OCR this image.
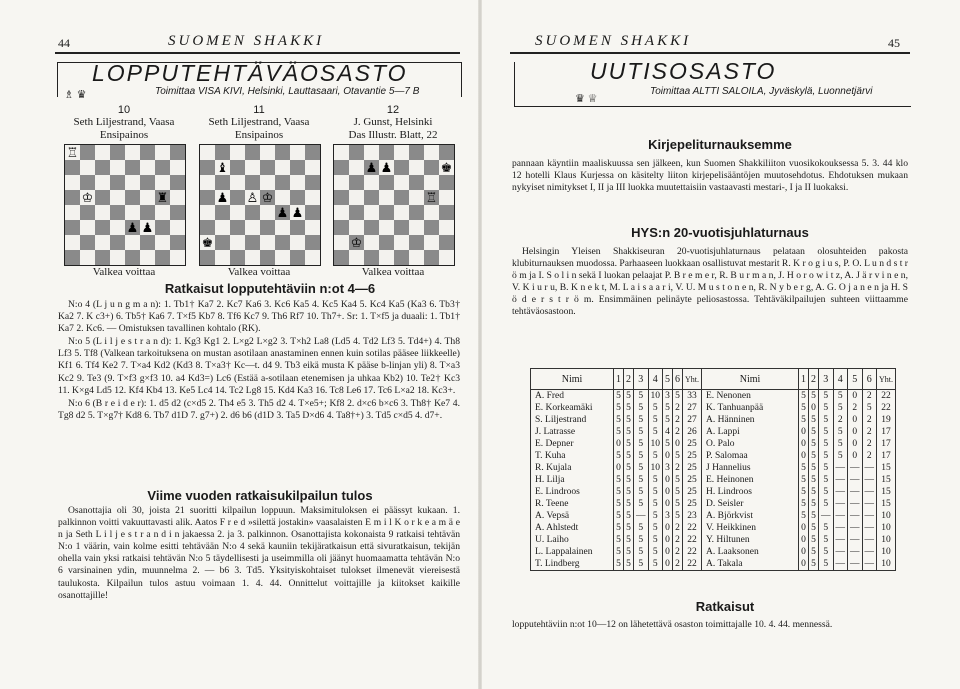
44	SUOMEN SHAKKI
LOPPUTEHTÄVÄOSASTO
Toimittaa VISA KIVI, Helsinki, Lauttasaari, Otavantie 5—7 B
♗ ♛
10
Seth Liljestrand, Vaasa
Ensipainos
11
Seth Liljestrand, Vaasa
Ensipainos
12
J. Gunst, Helsinki
Das Illustr. Blatt, 22
♖
♔	♜
♟ ♟
♝
♟ ♙ ♔
♟ ♟
♚
♟ ♟	♚
♖
♔
Valkea voittaa	Valkea voittaa	Valkea voittaa
Ratkaisut lopputehtäviin n:ot 4—6
N:o 4 (L j u n g m a n): 1. Tb1† Ka7 2. Kc7 Ka6 3. Kc6 Ka5 4. Kc5 Ka4 5. Kc4 Ka5 (Ka3 6. Tb3† Ka2 7. K c3+) 6. Tb5† Ka6 7. T×f5 Kb7 8. Tf6 Kc7 9. Th6 Rf7 10. Th7+. Sr: 1. T×f5 ja duaali: 1. Tb1† Ka7 2. Kc6. — Omistuksen tavallinen kohtalo (RK).
N:o 5 (L i l j e s t r a n d): 1. Kg3 Kg1 2. L×g2 L×g2 3. T×h2 La8 (Ld5 4. Td2 Lf3 5. Td4+) 4. Th8 Lf3 5. Tf8 (Valkean tarkoituksena on mustan asotilaan anastaminen ennen kuin sotilas pääsee liikkeelle) Kf1 6. Tf4 Ke2 7. T×a4 Kd2 (Kd3 8. T×a3† Kc—t. d4 9. Tb3 eikä musta K pääse b-linjan yli) 8. T×a3 Kc2 9. Te3 (9. T×f3 g×f3 10. a4 Kd3=) Lc6 (Estää a-sotilaan etenemisen ja uhkaa Kb2) 10. Te2† Kc3 11. K×g4 Ld5 12. Kf4 Kb4 13. Ke5 Lc4 14. Tc2 Lg8 15. Kd4 Ka3 16. Tc8 Le6 17. Tc6 L×a2 18. Kc3+.
N:o 6 (B r e i d e r): 1. d5 d2 (c×d5 2. Th4 e5 3. Th5 d2 4. T×e5+; Kf8 2. d×c6 b×c6 3. Th8† Ke7 4. Tg8 d2 5. T×g7† Kd8 6. Tb7 d1D 7. g7+) 2. d6 b6 (d1D 3. Ta5 D×d6 4. Ta8†+) 3. Td5 c×d5 4. d7+.
Viime vuoden ratkaisukilpailun tulos
Osanottajia oli 30, joista 21 suoritti kilpailun loppuun. Maksimituloksen ei päässyt kukaan. 1. palkinnon voitti vakuuttavasti alik. Aatos F r e d »silettä jostakin» vaasalaisten E m i l K o r k e a m ä e n ja Seth L i l j e s t r a n d i n jakaessa 2. ja 3. palkinnon. Osanottajista kokonaista 9 ratkaisi tehtävän N:o 1 väärin, vain kolme esitti tehtävään N:o 4 sekä kauniin tekijäratkaisun että sivuratkaisun, tekijän ohella vain yksi ratkaisi tehtävän N:o 5 täydellisesti ja useimmilla oli jäänyt huomaamatta tehtävän N:o 6 varsinainen ydin, muunnelma 2. — b6 3. Td5. Yksityiskohtaiset tulokset ilmenevät viereisestä taulukosta. Kilpailun tulos astuu voimaan 1. 4. 44. Onnittelut voittajille ja kiitokset kaikille osanottajille!
SUOMEN SHAKKI	45
UUTISOSASTO
Toimittaa ALTTI SALOILA, Jyväskylä, Luonnetjärvi
♛ ♕
Kirjepeliturnauksemme
pannaan käyntiin maaliskuussa sen jälkeen, kun Suomen Shakkiliiton vuosikokouksessa 5. 3. 44 klo 12 hotelli Klaus Kurjessa on käsitelty liiton kirjepelisääntöjen muutosehdotus. Ehdotuksen mukaan nykyiset nimitykset I, II ja III luokka muutettaisiin vastaavasti mestari-, I ja II luokaksi.
HYS:n 20-vuotisjuhlaturnaus
Helsingin Yleisen Shakkiseuran 20-vuotisjuhlaturnaus pelataan olosuhteiden pakosta klubiturnauksen muodossa. Parhaaseen luokkaan osallistuvat mestarit R. K r o g i u s, P. O. L u n d s t r ö m ja I. S o l i n sekä I luokan pelaajat P. B r e m e r, R. B u r m a n, J. H o r o w i t z, A. J ä r v i n e n, V. K i u r u, B. K n e k t, M. L a i s a a r i, V. U. M u s t o n e n, R. N y b e r g, A. G. O j a n e n ja H. S ö d e r s t r ö m. Ensimmäinen pelinäyte peliosastossa. Tehtäväkilpailujen suhteen viittaamme tehtäväosastoon.
Nimi	1	2	3	4	5	6	Yht.	Nimi	1	2	3	4	5	6	Yht.
A. Fred	5	5	5	10	3	5	33	E. Nenonen	5	5	5	5	0	2	22
E. Korkeamäki	5	5	5	5	5	2	27	K. Tanhuanpää	5	0	5	5	2	5	22
S. Liljestrand	5	5	5	5	5	2	27	A. Hänninen	5	5	5	2	0	2	19
J. Latrasse	5	5	5	5	4	2	26	A. Lappi	0	5	5	5	0	2	17
E. Depner	0	5	5	10	5	0	25	O. Palo	0	5	5	5	0	2	17
T. Kuha	5	5	5	5	0	5	25	P. Salomaa	0	5	5	5	0	2	17
R. Kujala	0	5	5	10	3	2	25	J Hannelius	5	5	5	—	—	—	15
H. Lilja	5	5	5	5	0	5	25	E. Heinonen	5	5	5	—	—	—	15
E. Lindroos	5	5	5	5	0	5	25	H. Lindroos	5	5	5	—	—	—	15
R. Teene	5	5	5	5	0	5	25	D. Seisler	5	5	5	—	—	—	15
A. Vepsä	5	5	—	5	3	5	23	A. Björkvist	5	5	—	—	—	—	10
A. Ahlstedt	5	5	5	5	0	2	22	V. Heikkinen	0	5	5	—	—	—	10
U. Laiho	5	5	5	5	0	2	22	Y. Hiltunen	0	5	5	—	—	—	10
L. Lappalainen	5	5	5	5	0	2	22	A. Laaksonen	0	5	5	—	—	—	10
T. Lindberg	5	5	5	5	0	2	22	A. Takala	0	5	5	—	—	—	10
Ratkaisut
lopputehtäviin n:ot 10—12 on lähetettävä osaston toimittajalle 10. 4. 44. mennessä.
